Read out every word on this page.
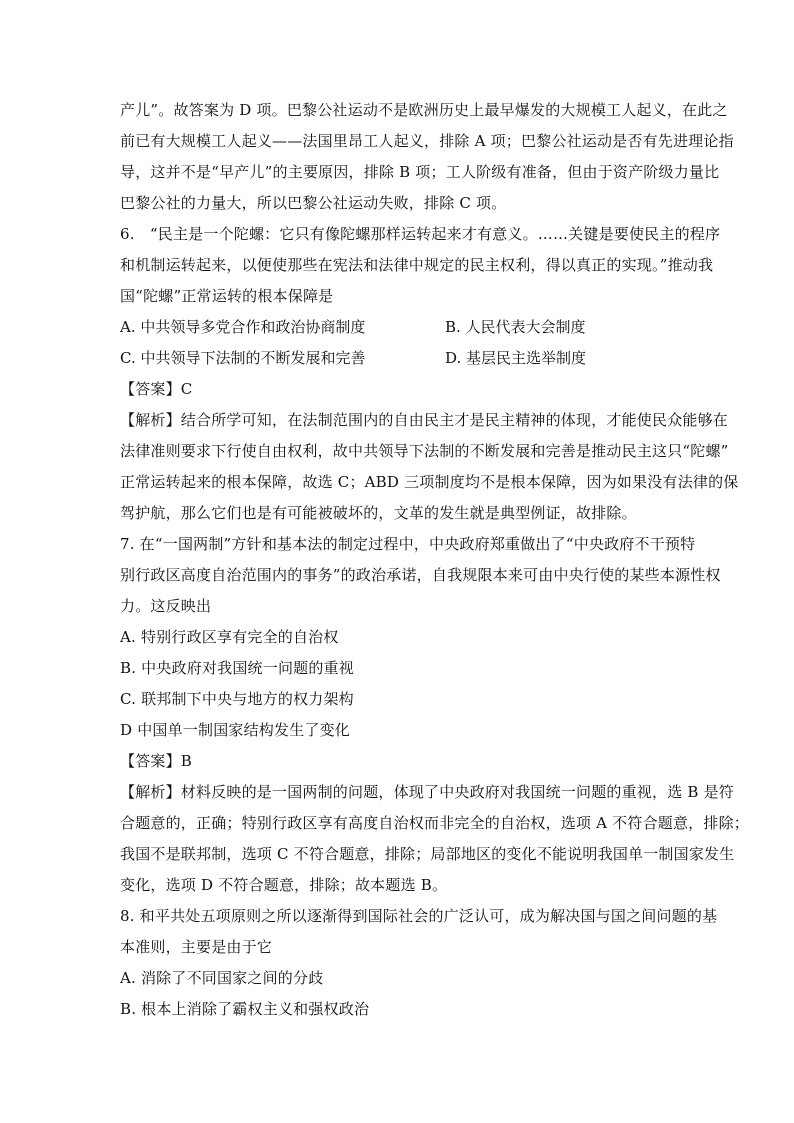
产儿”。故答案为 D 项。巴黎公社运动不是欧洲历史上最早爆发的大规模工人起义，在此之
前已有大规模工人起义——法国里昂工人起义，排除 A 项；巴黎公社运动是否有先进理论指
导，这并不是“早产儿”的主要原因，排除 B 项；工人阶级有准备，但由于资产阶级力量比
巴黎公社的力量大，所以巴黎公社运动失败，排除 C 项。
6.　“民主是一个陀螺：它只有像陀螺那样运转起来才有意义。……关键是要使民主的程序
和机制运转起来，以便使那些在宪法和法律中规定的民主权利，得以真正的实现。”推动我
国“陀螺”正常运转的根本保障是
A. 中共领导多党合作和政治协商制度	B. 人民代表大会制度
C. 中共领导下法制的不断发展和完善	D. 基层民主选举制度
【答案】C
【解析】结合所学可知，在法制范围内的自由民主才是民主精神的体现，才能使民众能够在
法律准则要求下行使自由权利，故中共领导下法制的不断发展和完善是推动民主这只“陀螺”
正常运转起来的根本保障，故选 C；ABD 三项制度均不是根本保障，因为如果没有法律的保
驾护航，那么它们也是有可能被破坏的，文革的发生就是典型例证，故排除。
7. 在“一国两制”方针和基本法的制定过程中，中央政府郑重做出了“中央政府不干预特
别行政区高度自治范围内的事务”的政治承诺，自我规限本来可由中央行使的某些本源性权
力。这反映出
A. 特别行政区享有完全的自治权
B. 中央政府对我国统一问题的重视
C. 联邦制下中央与地方的权力架构
D 中国单一制国家结构发生了变化
【答案】B
【解析】材料反映的是一国两制的问题，体现了中央政府对我国统一问题的重视，选 B 是符
合题意的，正确；特别行政区享有高度自治权而非完全的自治权，选项 A 不符合题意，排除；
我国不是联邦制，选项 C 不符合题意，排除；局部地区的变化不能说明我国单一制国家发生
变化，选项 D 不符合题意，排除；故本题选 B。
8. 和平共处五项原则之所以逐渐得到国际社会的广泛认可，成为解决国与国之间问题的基
本准则，主要是由于它
A. 消除了不同国家之间的分歧
B. 根本上消除了霸权主义和强权政治
